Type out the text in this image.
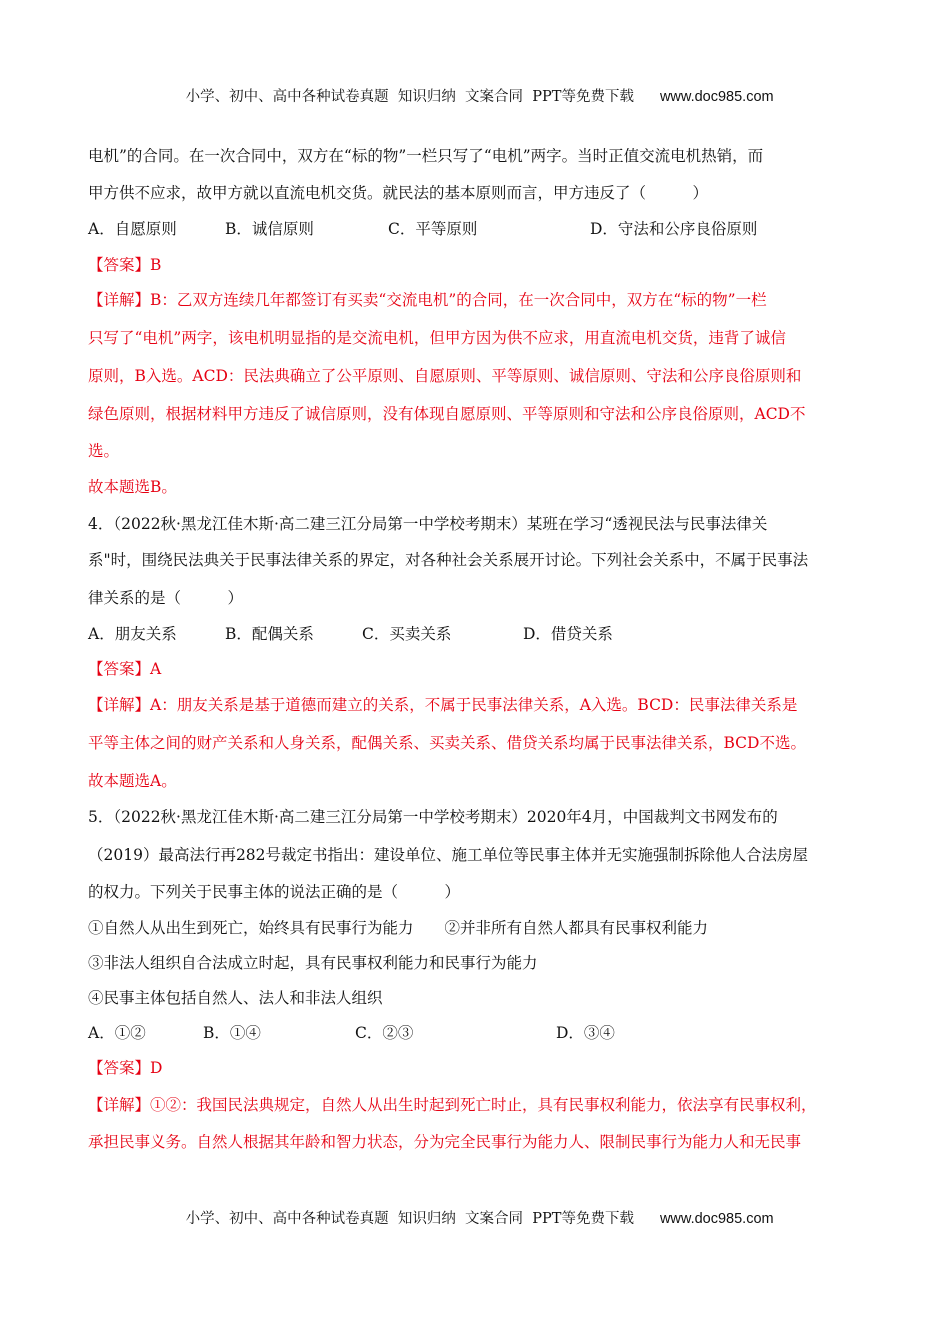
小学、初中、高中各种试卷真题  知识归纳  文案合同  PPT等免费下载 www.doc985.com

电机”的合同。在一次合同中，双方在“标的物”一栏只写了“电机”两字。当时正值交流电机热销，而
甲方供不应求，故甲方就以直流电机交货。就民法的基本原则而言，甲方违反了（　　　）
A．自愿原则	B．诚信原则	C．平等原则	D．守法和公序良俗原则
【答案】B
【详解】B：乙双方连续几年都签订有买卖“交流电机”的合同，在一次合同中，双方在“标的物”一栏
只写了“电机”两字，该电机明显指的是交流电机，但甲方因为供不应求，用直流电机交货，违背了诚信
原则，B入选。ACD：民法典确立了公平原则、自愿原则、平等原则、诚信原则、守法和公序良俗原则和
绿色原则，根据材料甲方违反了诚信原则，没有体现自愿原则、平等原则和守法和公序良俗原则，ACD不
选。
故本题选B。
4．（2022秋·黑龙江佳木斯·高二建三江分局第一中学校考期末）某班在学习“透视民法与民事法律关
系"时，围绕民法典关于民事法律关系的界定，对各种社会关系展开讨论。下列社会关系中，不属于民事法
律关系的是（　　　）
A．朋友关系	B．配偶关系	C．买卖关系	D．借贷关系
【答案】A
【详解】A：朋友关系是基于道德而建立的关系，不属于民事法律关系，A入选。BCD：民事法律关系是
平等主体之间的财产关系和人身关系，配偶关系、买卖关系、借贷关系均属于民事法律关系，BCD不选。
故本题选A。
5．（2022秋·黑龙江佳木斯·高二建三江分局第一中学校考期末）2020年4月，中国裁判文书网发布的
（2019）最高法行再282号裁定书指出：建设单位、施工单位等民事主体并无实施强制拆除他人合法房屋
的权力。下列关于民事主体的说法正确的是（　　　）
①自然人从出生到死亡，始终具有民事行为能力　　②并非所有自然人都具有民事权利能力
③非法人组织自合法成立时起，具有民事权利能力和民事行为能力
④民事主体包括自然人、法人和非法人组织
A．①②	B．①④	C．②③	D．③④
【答案】D
【详解】①②：我国民法典规定，自然人从出生时起到死亡时止，具有民事权利能力，依法享有民事权利，
承担民事义务。自然人根据其年龄和智力状态，分为完全民事行为能力人、限制民事行为能力人和无民事

小学、初中、高中各种试卷真题  知识归纳  文案合同  PPT等免费下载 www.doc985.com
